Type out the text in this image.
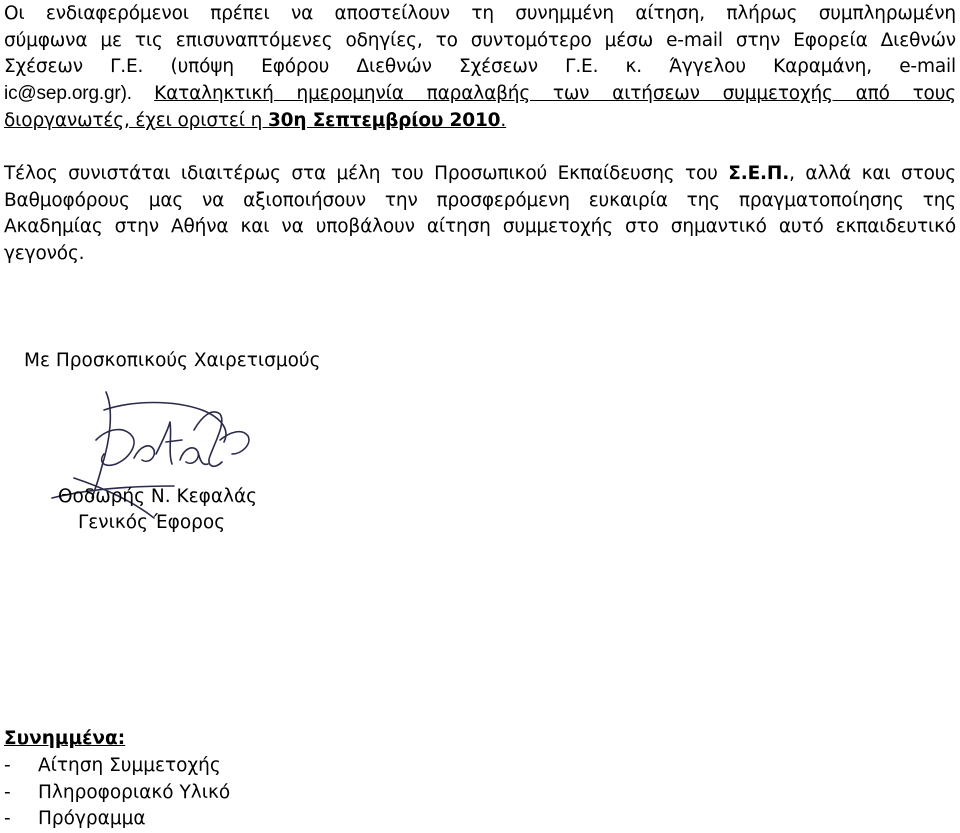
Οι ενδιαφερόμενοι πρέπει να αποστείλουν τη συνημμένη αίτηση, πλήρως συμπληρωμένη
σύμφωνα με τις επισυναπτόμενες οδηγίες, το συντομότερο μέσω e-mail στην Εφορεία Διεθνών
Σχέσεων Γ.Ε. (υπόψη Εφόρου Διεθνών Σχέσεων Γ.Ε. κ. Άγγελου Καραμάνη, e-mail
ic@sep.org.gr). Καταληκτική ημερομηνία παραλαβής των αιτήσεων συμμετοχής από τους
διοργανωτές, έχει οριστεί η 30η Σεπτεμβρίου 2010.
Τέλος συνιστάται ιδιαιτέρως στα μέλη του Προσωπικού Εκπαίδευσης του Σ.Ε.Π., αλλά και στους
Βαθμοφόρους μας να αξιοποιήσουν την προσφερόμενη ευκαιρία της πραγματοποίησης της
Ακαδημίας στην Αθήνα και να υποβάλουν αίτηση συμμετοχής στο σημαντικό αυτό εκπαιδευτικό
γεγονός.
Με Προσκοπικούς Χαιρετισμούς
Θοδωρής Ν. Κεφαλάς
Γενικός Έφορος
Συνημμένα:
- Αίτηση Συμμετοχής
- Πληροφοριακό Υλικό
- Πρόγραμμα
